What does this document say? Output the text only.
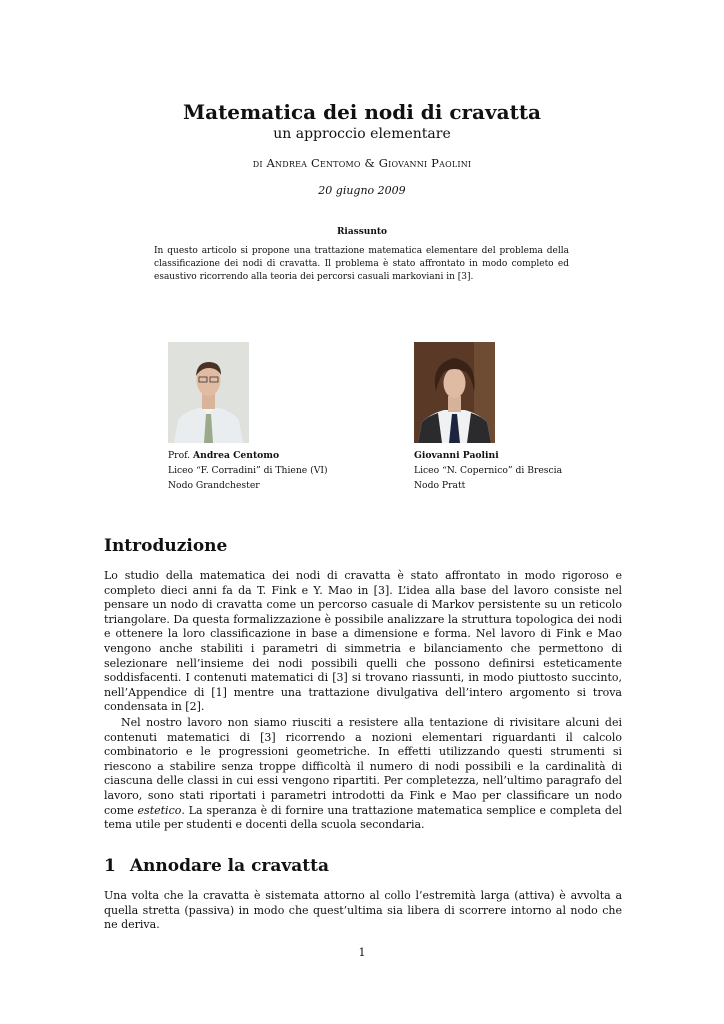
Matematica dei nodi di cravatta
un approccio elementare
di Andrea Centomo & Giovanni Paolini
20 giugno 2009
Riassunto
In questo articolo si propone una trattazione matematica elementare del problema della classificazione dei nodi di cravatta. Il problema è stato affrontato in modo completo ed esaustivo ricorrendo alla teoria dei percorsi casuali markoviani in [3].
Prof. Andrea Centomo
Liceo “F. Corradini” di Thiene (VI)
Nodo Grandchester
Giovanni Paolini
Liceo “N. Copernico” di Brescia
Nodo Pratt
Introduzione
Lo studio della matematica dei nodi di cravatta è stato affrontato in modo rigoroso e completo dieci anni fa da T. Fink e Y. Mao in [3]. L’idea alla base del lavoro consiste nel pensare un nodo di cravatta come un percorso casuale di Markov persistente su un reticolo triangolare. Da questa formalizzazione è possibile analizzare la struttura topologica dei nodi e ottenere la loro classificazione in base a dimensione e forma. Nel lavoro di Fink e Mao vengono anche stabiliti i parametri di simmetria e bilanciamento che permettono di selezionare nell’insieme dei nodi possibili quelli che possono definirsi esteticamente soddisfacenti. I contenuti matematici di [3] si trovano riassunti, in modo piuttosto succinto, nell’Appendice di [1] mentre una trattazione divulgativa dell’intero argomento si trova condensata in [2].
Nel nostro lavoro non siamo riusciti a resistere alla tentazione di rivisitare alcuni dei contenuti matematici di [3] ricorrendo a nozioni elementari riguardanti il calcolo combinatorio e le progressioni geometriche. In effetti utilizzando questi strumenti si riescono a stabilire senza troppe difficoltà il numero di nodi possibili e la cardinalità di ciascuna delle classi in cui essi vengono ripartiti. Per completezza, nell’ultimo paragrafo del lavoro, sono stati riportati i parametri introdotti da Fink e Mao per classificare un nodo come estetico. La speranza è di fornire una trattazione matematica semplice e completa del tema utile per studenti e docenti della scuola secondaria.
1 Annodare la cravatta
Una volta che la cravatta è sistemata attorno al collo l’estremità larga (attiva) è avvolta a quella stretta (passiva) in modo che quest’ultima sia libera di scorrere intorno al nodo che ne deriva.
1
